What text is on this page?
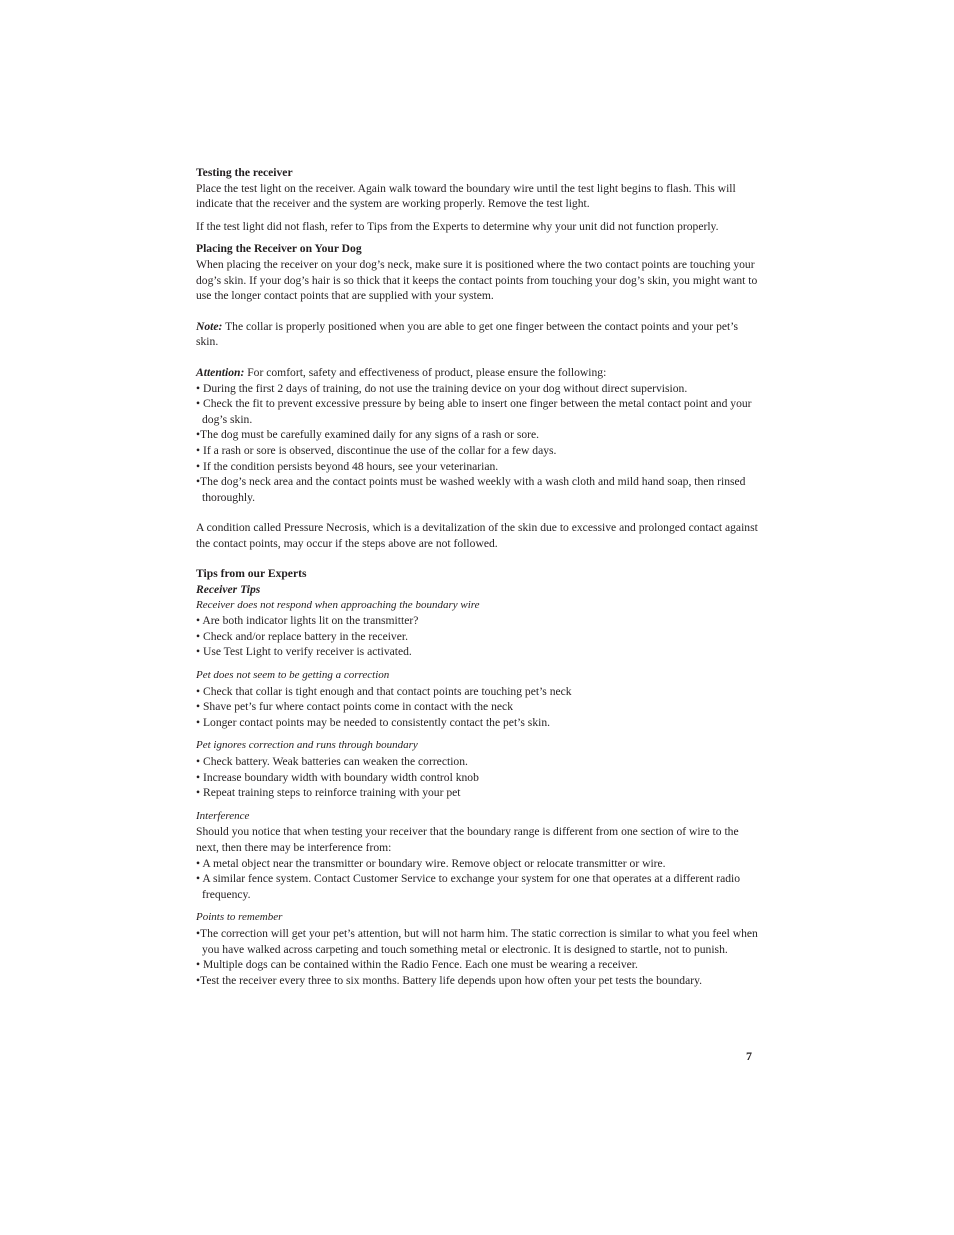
Testing the receiver

Place the test light on the receiver. Again walk toward the boundary wire until the test light begins to flash. This will indicate that the receiver and the system are working properly. Remove the test light.

If the test light did not flash, refer to Tips from the Experts to determine why your unit did not function properly.

Placing the Receiver on Your Dog

When placing the receiver on your dog’s neck, make sure it is positioned where the two contact points are touching your dog’s skin. If your dog’s hair is so thick that it keeps the contact points from touching your dog’s skin, you might want to use the longer contact points that are supplied with your system.

Note: The collar is properly positioned when you are able to get one finger between the contact points and your pet’s skin.

Attention: For comfort, safety and effectiveness of product, please ensure the following:

• During the first 2 days of training, do not use the training device on your dog without direct supervision.
• Check the fit to prevent excessive pressure by being able to insert one finger between the metal contact point and your dog’s skin.
•The dog must be carefully examined daily for any signs of a rash or sore.
• If a rash or sore is observed, discontinue the use of the collar for a few days.
• If the condition persists beyond 48 hours, see your veterinarian.
•The dog’s neck area and the contact points must be washed weekly with a wash cloth and mild hand soap, then rinsed thoroughly.

A condition called Pressure Necrosis, which is a devitalization of the skin due to excessive and prolonged contact against the contact points, may occur if the steps above are not followed.

Tips from our Experts

Receiver Tips

Receiver does not respond when approaching the boundary wire

• Are both indicator lights lit on the transmitter?
• Check and/or replace battery in the receiver.
• Use Test Light to verify receiver is activated.

Pet does not seem to be getting a correction

• Check that collar is tight enough and that contact points are touching pet’s neck
• Shave pet’s fur where contact points come in contact with the neck
• Longer contact points may be needed to consistently contact the pet’s skin.

Pet ignores correction and runs through boundary

• Check battery. Weak batteries can weaken the correction.
• Increase boundary width with boundary width control knob
• Repeat training steps to reinforce training with your pet

Interference

Should you notice that when testing your receiver that the boundary range is different from one section of wire to the next, then there may be interference from:

• A metal object near the transmitter or boundary wire. Remove object or relocate transmitter or wire.
• A similar fence system. Contact Customer Service to exchange your system for one that operates at a different radio frequency.

Points to remember

•The correction will get your pet’s attention, but will not harm him. The static correction is similar to what you feel when you have walked across carpeting and touch something metal or electronic. It is designed to startle, not to punish.
• Multiple dogs can be contained within the Radio Fence. Each one must be wearing a receiver.
•Test the receiver every three to six months. Battery life depends upon how often your pet tests the boundary.
7
